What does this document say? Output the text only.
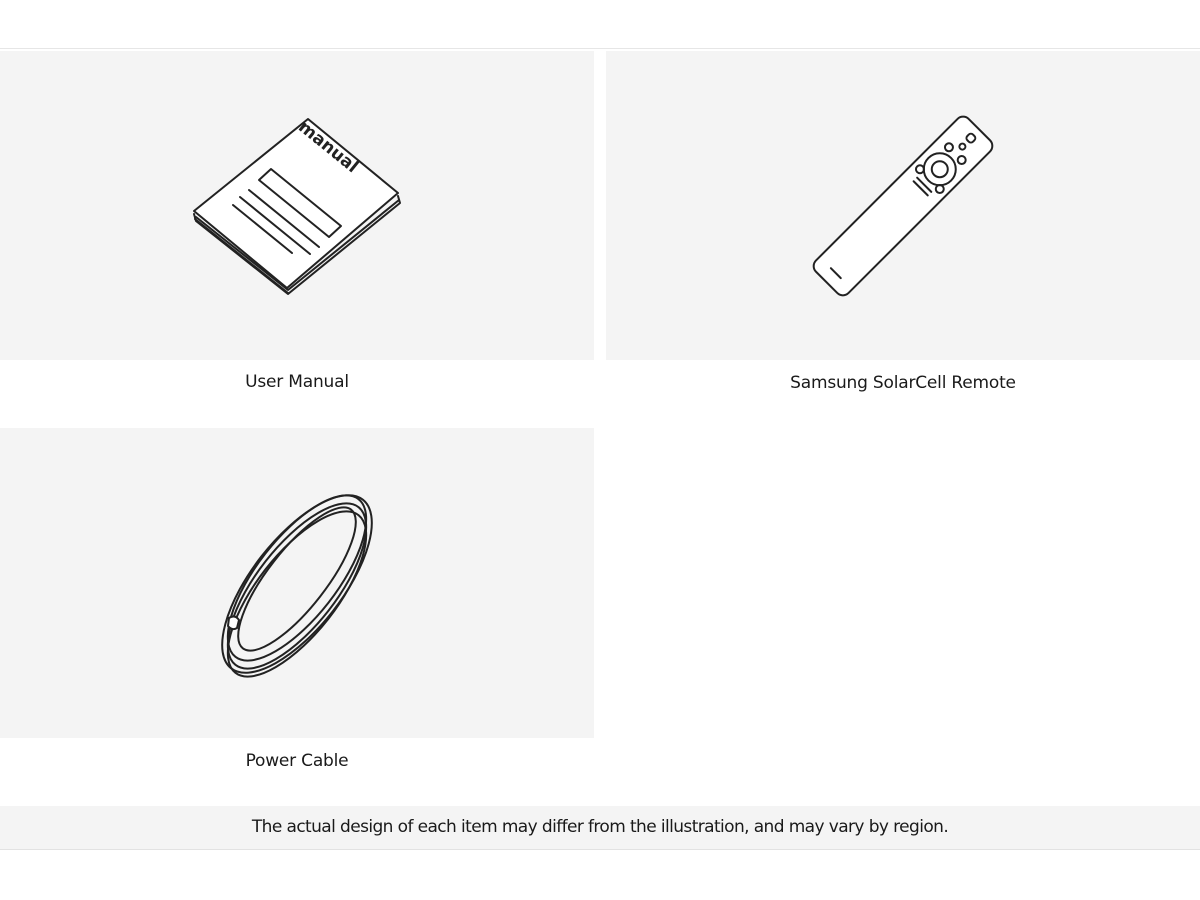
manual
User Manual	Samsung SolarCell Remote
Power Cable
The actual design of each item may differ from the illustration, and may vary by region.
